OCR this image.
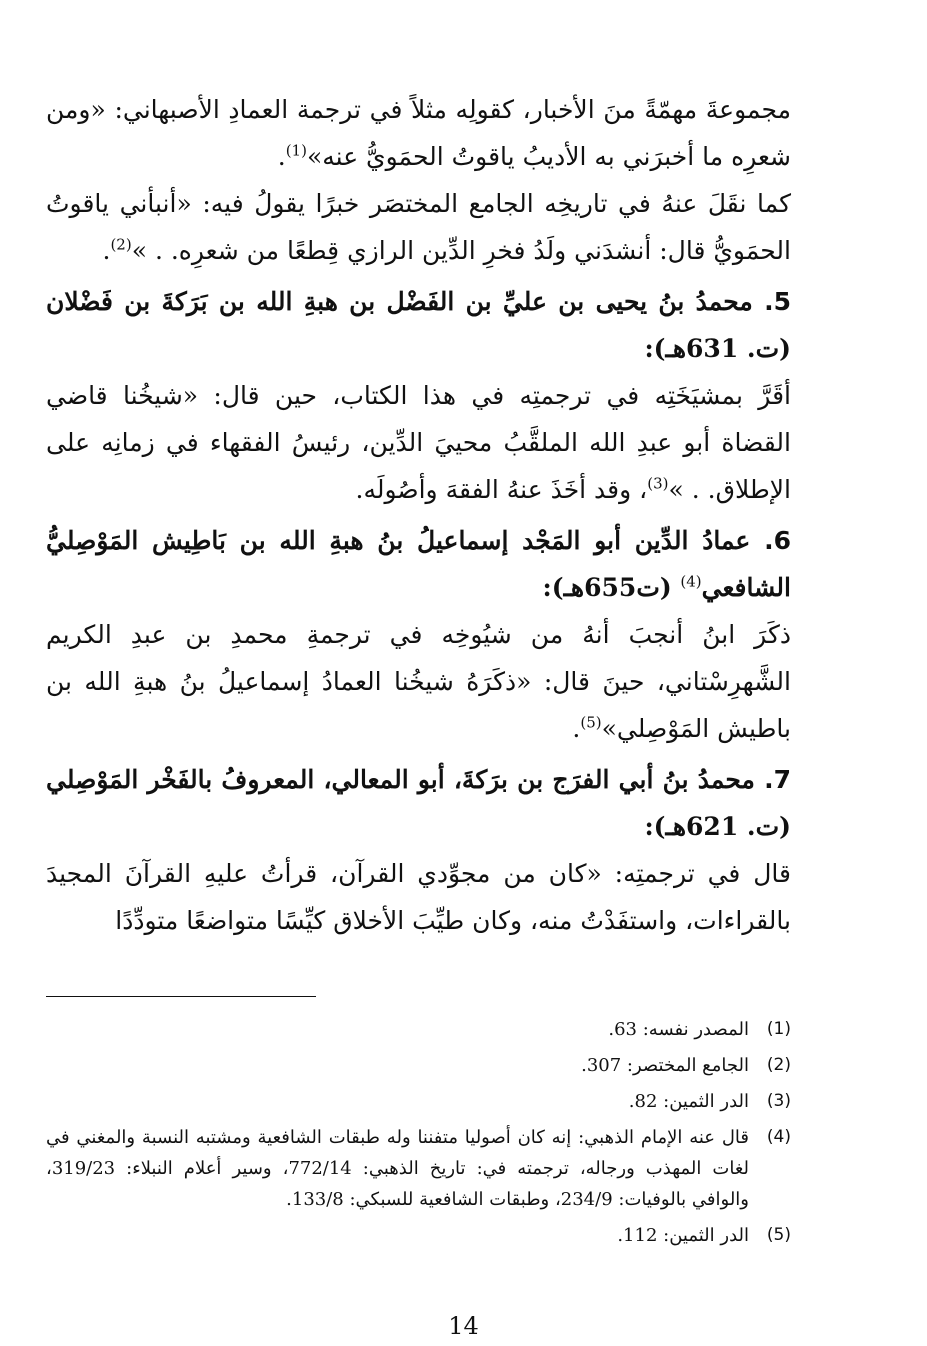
مجموعةَ مهمّةً منَ الأخبار، كقولِه مثلاً في ترجمة العمادِ الأصبهاني: «ومن شعرِه ما أخبرَني به الأديبُ ياقوتُ الحمَويُّ عنه»$^{(1)}$.

كما نقَلَ عنهُ في تاريخِه الجامع المختصَر خبرًا يقولُ فيه: «أنبأني ياقوتُ الحمَويُّ قال: أنشدَني ولَدُ فخرِ الدِّين الرازي قِطعًا من شعرِه. . »$^{(2)}$.

5. محمدُ بنُ يحيى بن عليِّ بن الفَضْل بن هبةِ الله بن بَرَكةَ بن فَضْلان (ت. 631هـ):

أقَرَّ بمشيَخَتِه في ترجمتِه في هذا الكتاب، حين قال: «شيخُنا قاضي القضاة أبو عبدِ الله الملقَّبُ محييَ الدِّين، رئيسُ الفقهاء في زمانِه على الإطلاق. . »$^{(3)}$، وقد أخَذَ عنهُ الفقهَ وأصُولَه.

6. عمادُ الدِّين أبو المَجْد إسماعيلُ بنُ هبةِ الله بن بَاطِيش المَوْصِليُّ الشافعي$^{(4)}$ (ت655هـ):

ذكَرَ ابنُ أنجبَ أنهُ من شيُوخِه في ترجمةِ محمدِ بن عبدِ الكريم الشَّهرِسْتاني، حينَ قال: «ذكَرَهُ شيخُنا العمادُ إسماعيلُ بنُ هبةِ الله بن باطيش المَوْصِلي»$^{(5)}$.

7. محمدُ بنُ أبي الفرَج بن برَكةَ، أبو المعالي، المعروفُ بالفَخْر المَوْصِلي (ت. 621هـ):

قال في ترجمتِه: «كان من مجوِّدي القرآن، قرأتُ عليهِ القرآنَ المجيدَ بالقراءات، واستفَدْتُ منه، وكان طيِّبَ الأخلاق كيِّسًا متواضعًا متودِّدًا

(1)
المصدر نفسه: 63.
(2)
الجامع المختصر: 307.
(3)
الدر الثمين: 82.
(4)
قال عنه الإمام الذهبي: إنه كان أصوليا متفننا وله طبقات الشافعية ومشتبه النسبة والمغني في لغات المهذب ورجاله، ترجمته في: تاريخ الذهبي: 772/14، وسير أعلام النبلاء: 319/23، والوافي بالوفيات: 234/9، وطبقات الشافعية للسبكي: 133/8.
(5)
الدر الثمين: 112.
14
